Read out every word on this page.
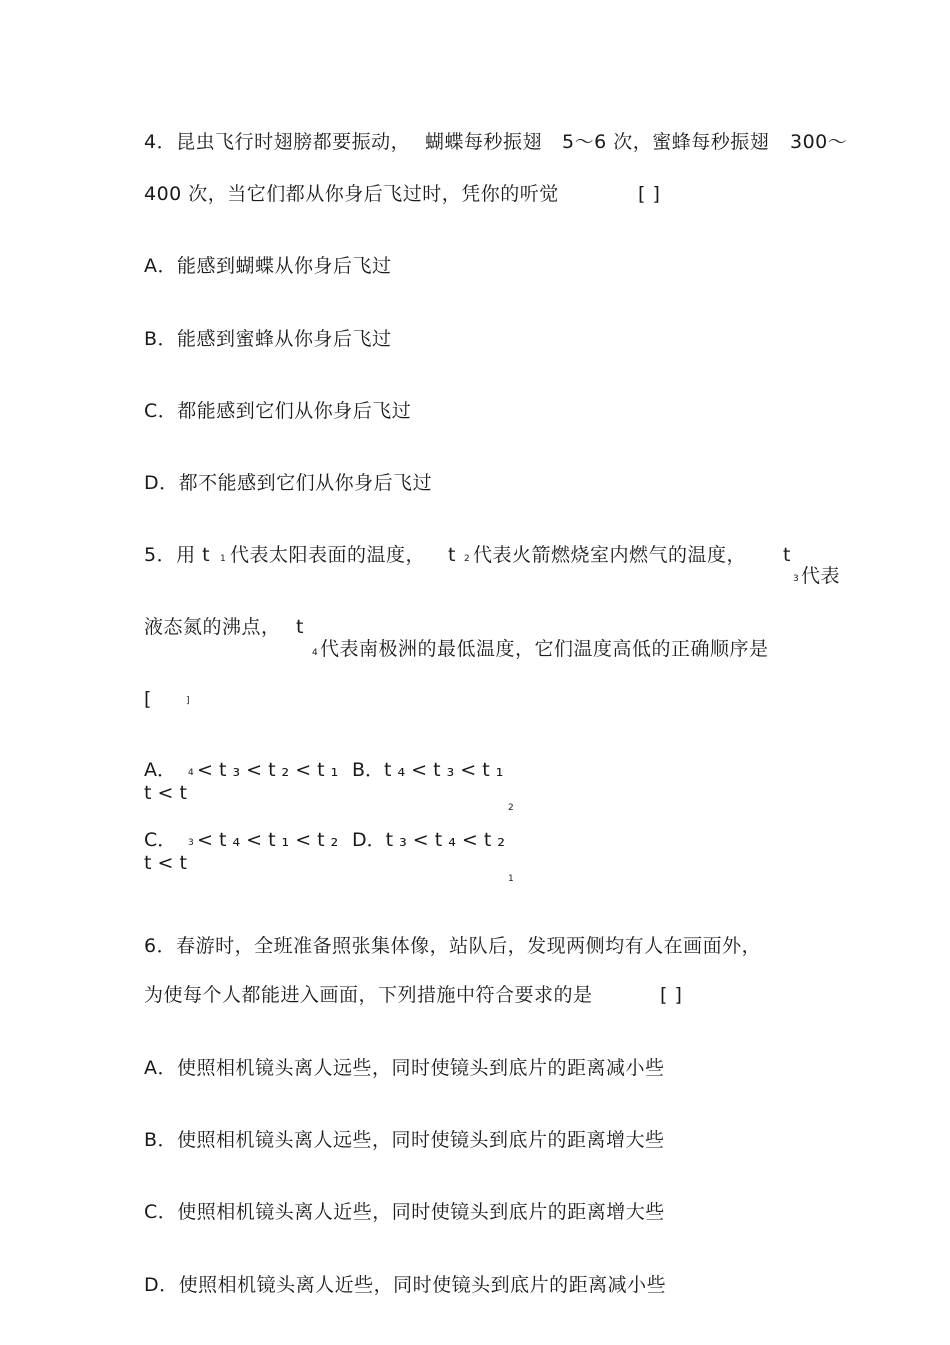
4．昆虫飞行时翅膀都要振动， 蝴蝶每秒振翅 5～6 次，蜜蜂每秒振翅 300～
400 次，当它们都从你身后飞过时，凭你的听觉	[ ]
A．能感到蝴蝶从你身后飞过
B．能感到蜜蜂从你身后飞过
C．都能感到它们从你身后飞过
D．都不能感到它们从你身后飞过
5．用 t 1 代表太阳表面的温度， t 2 代表火箭燃烧室内燃气的温度， t
3 代表
液态氮的沸点， t
4 代表南极洲的最低温度，它们温度高低的正确顺序是
[	]
A． 4 < t ₃ < t ₂ < t ₁ B．t ₄ < t ₃ < t ₁
t < t
2
C． 3 < t ₄ < t ₁ < t ₂ D．t ₃ < t ₄ < t ₂
t < t
1
6．春游时，全班准备照张集体像，站队后，发现两侧均有人在画面外，
为使每个人都能进入画面，下列措施中符合要求的是	[ ]
A．使照相机镜头离人远些，同时使镜头到底片的距离减小些
B．使照相机镜头离人远些，同时使镜头到底片的距离增大些
C．使照相机镜头离人近些，同时使镜头到底片的距离增大些
D．使照相机镜头离人近些，同时使镜头到底片的距离减小些
